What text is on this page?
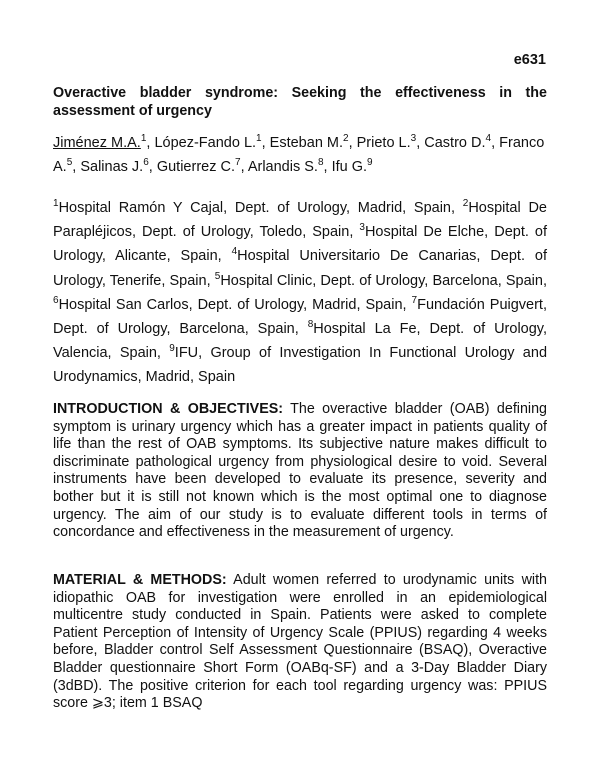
e631
Overactive bladder syndrome: Seeking the effectiveness in the assessment of urgency
Jiménez M.A.$^1$, López-Fando L.$^1$, Esteban M.$^2$, Prieto L.$^3$, Castro D.$^4$, Franco A.$^5$, Salinas J.$^6$, Gutierrez C.$^7$, Arlandis S.$^8$, Ifu G.$^9$
$^1$Hospital Ramón Y Cajal, Dept. of Urology, Madrid, Spain, $^2$Hospital De Parapléjicos, Dept. of Urology, Toledo, Spain, $^3$Hospital De Elche, Dept. of Urology, Alicante, Spain, $^4$Hospital Universitario De Canarias, Dept. of Urology, Tenerife, Spain, $^5$Hospital Clinic, Dept. of Urology, Barcelona, Spain, $^6$Hospital San Carlos, Dept. of Urology, Madrid, Spain, $^7$Fundación Puigvert, Dept. of Urology, Barcelona, Spain, $^8$Hospital La Fe, Dept. of Urology, Valencia, Spain, $^9$IFU, Group of Investigation In Functional Urology and Urodynamics, Madrid, Spain
INTRODUCTION & OBJECTIVES: The overactive bladder (OAB) defining symptom is urinary urgency which has a greater impact in patients quality of life than the rest of OAB symptoms. Its subjective nature makes difficult to discriminate pathological urgency from physiological desire to void. Several instruments have been developed to evaluate its presence, severity and bother but it is still not known which is the most optimal one to diagnose urgency. The aim of our study is to evaluate different tools in terms of concordance and effectiveness in the measurement of urgency.
MATERIAL & METHODS: Adult women referred to urodynamic units with idiopathic OAB for investigation were enrolled in an epidemiological multicentre study conducted in Spain. Patients were asked to complete Patient Perception of Intensity of Urgency Scale (PPIUS) regarding 4 weeks before, Bladder control Self Assessment Questionnaire (BSAQ), Overactive Bladder questionnaire Short Form (OABq-SF) and a 3-Day Bladder Diary (3dBD). The positive criterion for each tool regarding urgency was: PPIUS score ⩾3; item 1 BSAQ
